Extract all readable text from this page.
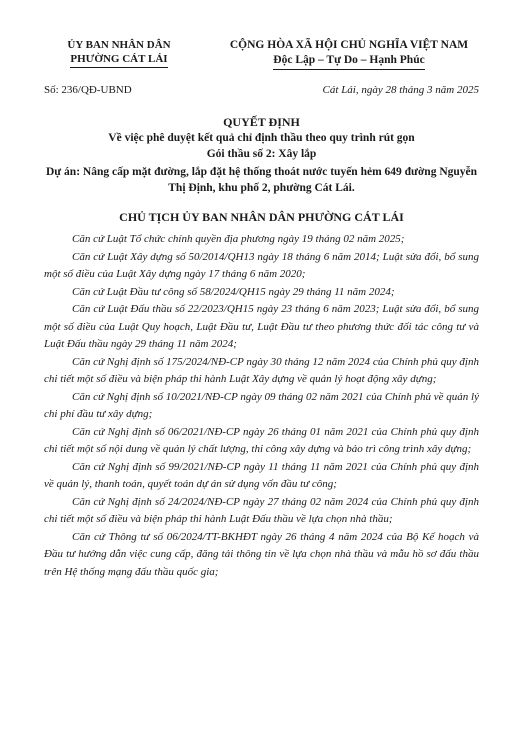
ỦY BAN NHÂN DÂN
PHƯỜNG CÁT LÁI
CỘNG HÒA XÃ HỘI CHỦ NGHĨA VIỆT NAM
Độc Lập – Tự Do – Hạnh Phúc
Số: 236/QĐ-UBND	Cát Lái, ngày 28 tháng 3 năm 2025
QUYẾT ĐỊNH
Về việc phê duyệt kết quả chỉ định thầu theo quy trình rút gọn
Gói thầu số 2: Xây lắp
Dự án: Nâng cấp mặt đường, lắp đặt hệ thống thoát nước tuyến hẻm 649 đường Nguyễn Thị Định, khu phố 2, phường Cát Lái.
CHỦ TỊCH ỦY BAN NHÂN DÂN PHƯỜNG CÁT LÁI

Căn cứ Luật Tổ chức chính quyền địa phương ngày 19 tháng 02 năm 2025;

Căn cứ Luật Xây dựng số 50/2014/QH13 ngày 18 tháng 6 năm 2014; Luật sửa đổi, bổ sung một số điều của Luật Xây dựng ngày 17 tháng 6 năm 2020;

Căn cứ Luật Đầu tư công số 58/2024/QH15 ngày 29 tháng 11 năm 2024;

Căn cứ Luật Đấu thầu số 22/2023/QH15 ngày 23 tháng 6 năm 2023; Luật sửa đổi, bổ sung một số điều của Luật Quy hoạch, Luật Đầu tư, Luật Đầu tư theo phương thức đối tác công tư và Luật Đấu thầu ngày 29 tháng 11 năm 2024;

Căn cứ Nghị định số 175/2024/NĐ-CP ngày 30 tháng 12 năm 2024 của Chính phủ quy định chi tiết một số điều và biện pháp thi hành Luật Xây dựng về quản lý hoạt động xây dựng;

Căn cứ Nghị định số 10/2021/NĐ-CP ngày 09 tháng 02 năm 2021 của Chính phủ về quản lý chi phí đầu tư xây dựng;

Căn cứ Nghị định số 06/2021/NĐ-CP ngày 26 tháng 01 năm 2021 của Chính phủ quy định chi tiết một số nội dung về quản lý chất lượng, thi công xây dựng và bảo trì công trình xây dựng;

Căn cứ Nghị định số 99/2021/NĐ-CP ngày 11 tháng 11 năm 2021 của Chính phủ quy định về quản lý, thanh toán, quyết toán dự án sử dụng vốn đầu tư công;

Căn cứ Nghị định số 24/2024/NĐ-CP ngày 27 tháng 02 năm 2024 của Chính phủ quy định chi tiết một số điều và biện pháp thi hành Luật Đấu thầu về lựa chọn nhà thầu;

Căn cứ Thông tư số 06/2024/TT-BKHĐT ngày 26 tháng 4 năm 2024 của Bộ Kế hoạch và Đầu tư hướng dẫn việc cung cấp, đăng tải thông tin về lựa chọn nhà thầu và mẫu hồ sơ đấu thầu trên Hệ thống mạng đấu thầu quốc gia;
